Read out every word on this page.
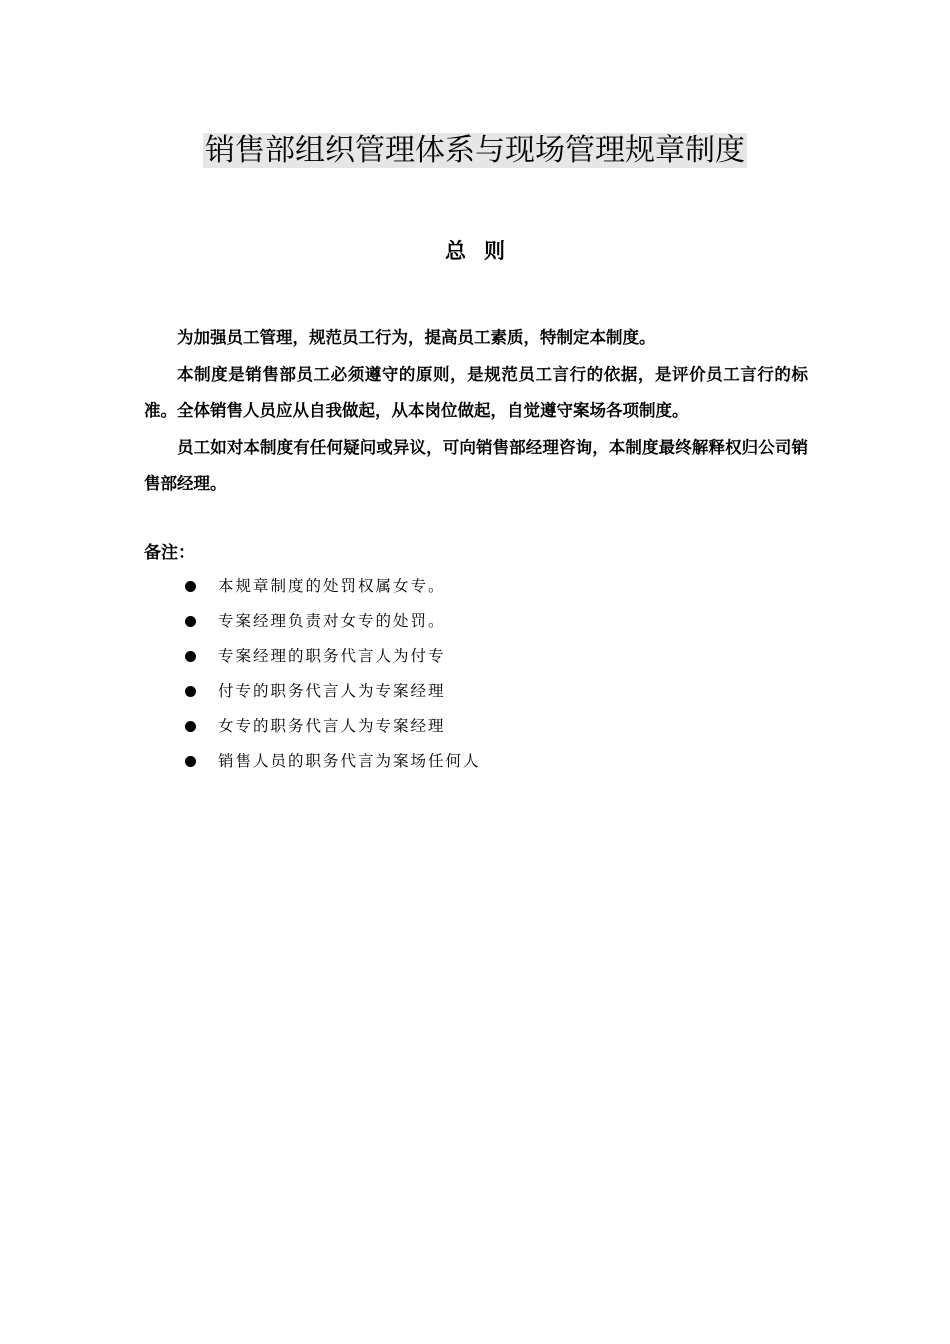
销售部组织管理体系与现场管理规章制度
总则

为加强员工管理，规范员工行为，提高员工素质，特制定本制度。

本制度是销售部员工必须遵守的原则，是规范员工言行的依据，是评价员工言行的标准。全体销售人员应从自我做起，从本岗位做起，自觉遵守案场各项制度。

员工如对本制度有任何疑问或异议，可向销售部经理咨询，本制度最终解释权归公司销售部经理。

备注：
本规章制度的处罚权属女专。
专案经理负责对女专的处罚。
专案经理的职务代言人为付专
付专的职务代言人为专案经理
女专的职务代言人为专案经理
销售人员的职务代言为案场任何人
